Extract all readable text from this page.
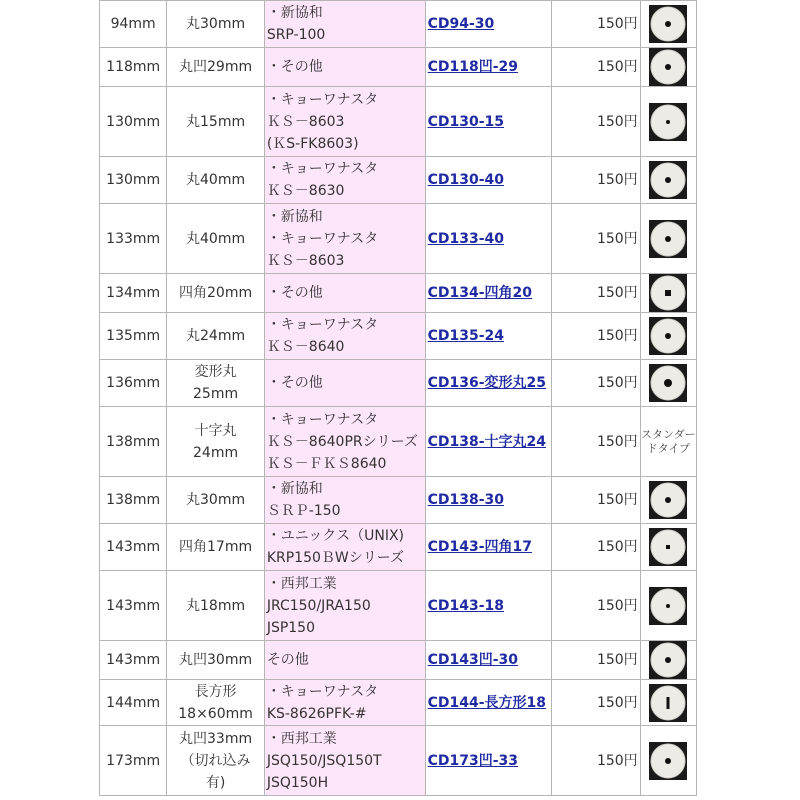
94mm	丸30mm	・新協和
SRP-100	CD94-30	150円	

118mm	丸凹29mm	・その他	CD118凹-29	150円	

130mm	丸15mm	・キョーワナスタ
ＫＳ－8603
(ＫS-FK8603)	CD130-15	150円	

130mm	丸40mm	・キョーワナスタ
ＫＳ－8630	CD130-40	150円	

133mm	丸40mm	・新協和
・キョーワナスタ
ＫＳ－8603	CD133-40	150円	

134mm	四角20mm	・その他	CD134-四角20	150円	

135mm	丸24mm	・キョーワナスタ
ＫＳ－8640	CD135-24	150円	

136mm	変形丸
25mm	・その他	CD136-変形丸25	150円	

138mm	十字丸
24mm	・キョーワナスタ
ＫＳ－8640PRシリーズ
ＫＳ－ＦＫＳ8640	CD138-十字丸24	150円	スタンダードタイプ

138mm	丸30mm	・新協和
ＳＲＰ-150	CD138-30	150円	

143mm	四角17mm	・ユニックス（UNIX)
KRP150ＢWシリーズ	CD143-四角17	150円	

143mm	丸18mm	・西邦工業
JRC150/JRA150
JSP150	CD143-18	150円	

143mm	丸凹30mm	その他	CD143凹-30	150円	

144mm	長方形
18×60mm	・キョーワナスタ
KS-8626PFK-#	CD144-長方形18	150円	

173mm	丸凹33mm
（切れ込み
有)	・西邦工業
JSQ150/JSQ150T
JSQ150H	CD173凹-33	150円	
